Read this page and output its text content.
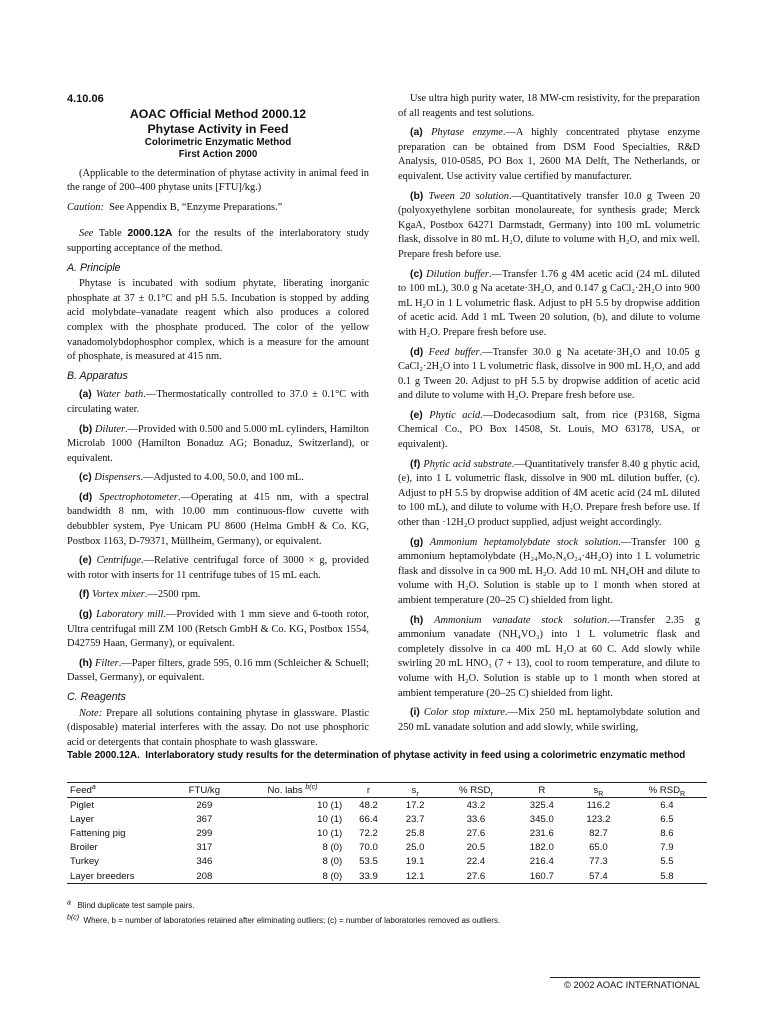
4.10.06

AOAC Official Method 2000.12
Phytase Activity in Feed
Colorimetric Enzymatic Method
First Action 2000

(Applicable to the determination of phytase activity in animal feed in the range of 200–400 phytase units [FTU]/kg.)

Caution: See Appendix B, “Enzyme Preparations.”

See Table 2000.12A for the results of the interlaboratory study supporting acceptance of the method.

A. Principle

Phytase is incubated with sodium phytate, liberating inorganic phosphate at 37 ± 0.1°C and pH 5.5. Incubation is stopped by adding acid molybdate–vanadate reagent which also produces a colored complex with the phosphate produced. The color of the yellow vanadomolybdophosphor complex, which is a measure for the amount of phosphate, is measured at 415 nm.

B. Apparatus

(a) Water bath.—Thermostatically controlled to 37.0 ± 0.1°C with circulating water.

(b) Diluter.—Provided with 0.500 and 5.000 mL cylinders, Hamilton Microlab 1000 (Hamilton Bonaduz AG; Bonaduz, Switzerland), or equivalent.

(c) Dispensers.—Adjusted to 4.00, 50.0, and 100 mL.

(d) Spectrophotometer.—Operating at 415 nm, with a spectral bandwidth 8 nm, with 10.00 mm continuous-flow cuvette with debubbler system, Pye Unicam PU 8600 (Helma GmbH & Co. KG, Postbox 1163, D-79371, Müllheim, Germany), or equivalent.

(e) Centrifuge.—Relative centrifugal force of 3000 × g, provided with rotor with inserts for 11 centrifuge tubes of 15 mL each.

(f) Vortex mixer.—2500 rpm.

(g) Laboratory mill.—Provided with 1 mm sieve and 6-tooth rotor, Ultra centrifugal mill ZM 100 (Retsch GmbH & Co. KG, Postbox 1554, D42759 Haan, Germany), or equivalent.

(h) Filter.—Paper filters, grade 595, 0.16 mm (Schleicher & Schuell; Dassel, Germany), or equivalent.

C. Reagents

Note: Prepare all solutions containing phytase in glassware. Plastic (disposable) material interferes with the assay. Do not use phosphoric acid or detergents that contain phosphate to wash glassware.

Use ultra high purity water, 18 MW-cm resistivity, for the preparation of all reagents and test solutions.

(a) Phytase enzyme.—A highly concentrated phytase enzyme preparation can be obtained from DSM Food Specialties, R&D Analysis, 010-0585, PO Box 1, 2600 MA Delft, The Netherlands, or equivalent. Use activity value certified by manufacturer.

(b) Tween 20 solution.—Quantitatively transfer 10.0 g Tween 20 (polyoxyethylene sorbitan monolaureate, for synthesis grade; Merck KgaA, Postbox 64271 Darmstadt, Germany) into 100 mL volumetric flask, dissolve in 80 mL H₂O, dilute to volume with H₂O, and mix well. Prepare fresh before use.

(c) Dilution buffer.—Transfer 1.76 g 4M acetic acid (24 mL diluted to 100 mL), 30.0 g Na acetate·3H₂O, and 0.147 g CaCl₂·2H₂O into 900 mL H₂O in 1 L volumetric flask. Adjust to pH 5.5 by dropwise addition of acetic acid. Add 1 mL Tween 20 solution, (b), and dilute to volume with H₂O. Prepare fresh before use.

(d) Feed buffer.—Transfer 30.0 g Na acetate·3H₂O and 10.05 g CaCl₂·2H₂O into 1 L volumetric flask, dissolve in 900 mL H₂O, and add 0.1 g Tween 20. Adjust to pH 5.5 by dropwise addition of acetic acid and dilute to volume with H₂O. Prepare fresh before use.

(e) Phytic acid.—Dodecasodium salt, from rice (P3168, Sigma Chemical Co., PO Box 14508, St. Louis, MO 63178, USA, or equivalent).

(f) Phytic acid substrate.—Quantitatively transfer 8.40 g phytic acid, (e), into 1 L volumetric flask, dissolve in 900 mL dilution buffer, (c). Adjust to pH 5.5 by dropwise addition of 4M acetic acid (24 mL diluted to 100 mL), and dilute to volume with H₂O. Prepare fresh before use. If other than ·12H₂O product supplied, adjust weight accordingly.

(g) Ammonium heptamolybdate stock solution.—Transfer 100 g ammonium heptamolybdate (H₂₄Mo₇N₆O₂₄·4H₂O) into 1 L volumetric flask and dissolve in ca 900 mL H₂O. Add 10 mL NH₄OH and dilute to volume with H₂O. Solution is stable up to 1 month when stored at ambient temperature (20–25 C) shielded from light.

(h) Ammonium vanadate stock solution.—Transfer 2.35 g ammonium vanadate (NH₄VO₃) into 1 L volumetric flask and completely dissolve in ca 400 mL H₂O at 60 C. Add slowly while swirling 20 mL HNO₃ (7 + 13), cool to room temperature, and dilute to volume with H₂O. Solution is stable up to 1 month when stored at ambient temperature (20–25 C) shielded from light.

(i) Color stop mixture.—Mix 250 mL heptamolybdate solution and 250 mL vanadate solution and add slowly, while swirling,

Table 2000.12A. Interlaboratory study results for the determination of phytase activity in feed using a colorimetric enzymatic method
Feed$^a$	FTU/kg	No. labs $^{b(c)}$	r	$s_r$	% $RSD_r$	R	$s_R$	% $RSD_R$
Piglet	269	10 (1)	48.2	17.2	43.2	325.4	116.2	6.4
Layer	367	10 (1)	66.4	23.7	33.6	345.0	123.2	6.5
Fattening pig	299	10 (1)	72.2	25.8	27.6	231.6	82.7	8.6
Broiler	317	8 (0)	70.0	25.0	20.5	182.0	65.0	7.9
Turkey	346	8 (0)	53.5	19.1	22.4	216.4	77.3	5.5
Layer breeders	208	8 (0)	33.9	12.1	27.6	160.7	57.4	5.8
$^a$ Blind duplicate test sample pairs.
$^{b(c)}$ Where, b = number of laboratories retained after eliminating outliers; (c) = number of laboratories removed as outliers.
© 2002 AOAC INTERNATIONAL
